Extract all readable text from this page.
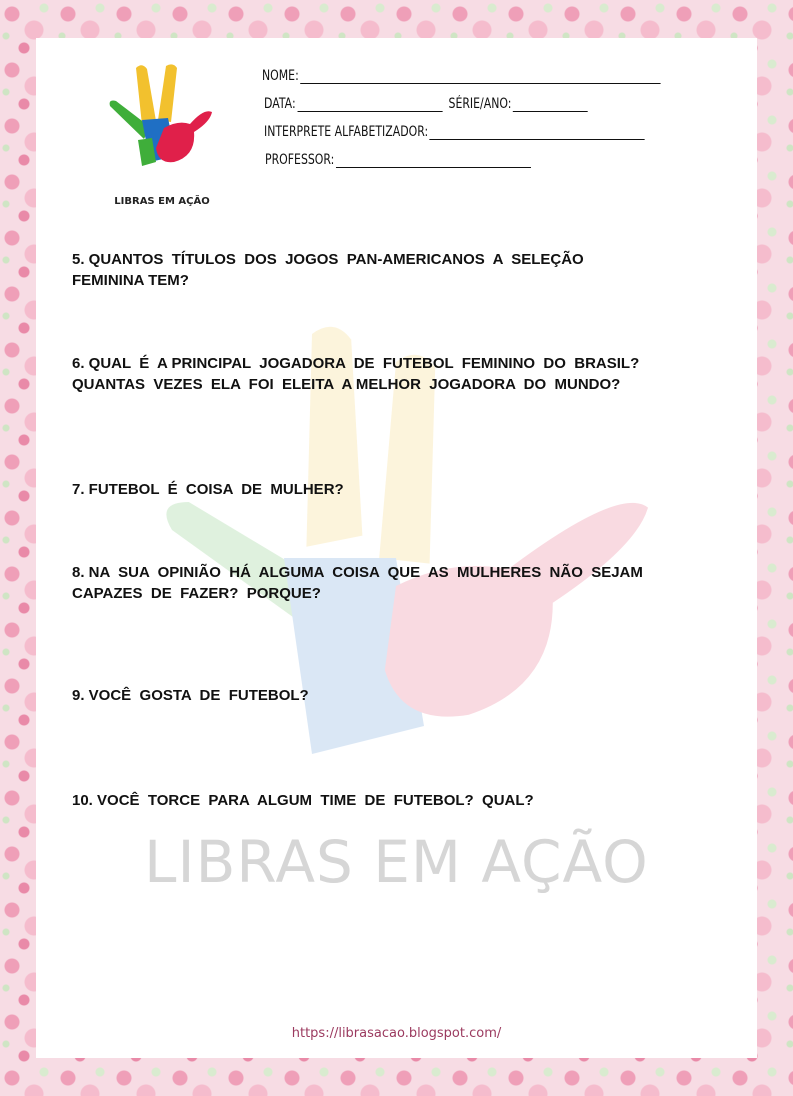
LIBRAS EM AÇÃO
LIBRAS EM AÇÃO
NOME:
DATA:	SÉRIE/ANO:
INTERPRETE ALFABETIZADOR:
PROFESSOR:
5. QUANTOS  TÍTULOS  DOS  JOGOS  PAN-AMERICANOS  A  SELEÇÃO
FEMININA TEM?
6. QUAL  É  A PRINCIPAL  JOGADORA  DE  FUTEBOL  FEMININO  DO  BRASIL?
QUANTAS  VEZES  ELA  FOI  ELEITA  A MELHOR  JOGADORA  DO  MUNDO?
7. FUTEBOL  É  COISA  DE  MULHER?
8. NA  SUA  OPINIÃO  HÁ  ALGUMA  COISA  QUE  AS  MULHERES  NÃO  SEJAM
CAPAZES  DE  FAZER?  PORQUE?
9. VOCÊ  GOSTA  DE  FUTEBOL?
10. VOCÊ  TORCE  PARA  ALGUM  TIME  DE  FUTEBOL?  QUAL?
https://librasacao.blogspot.com/
